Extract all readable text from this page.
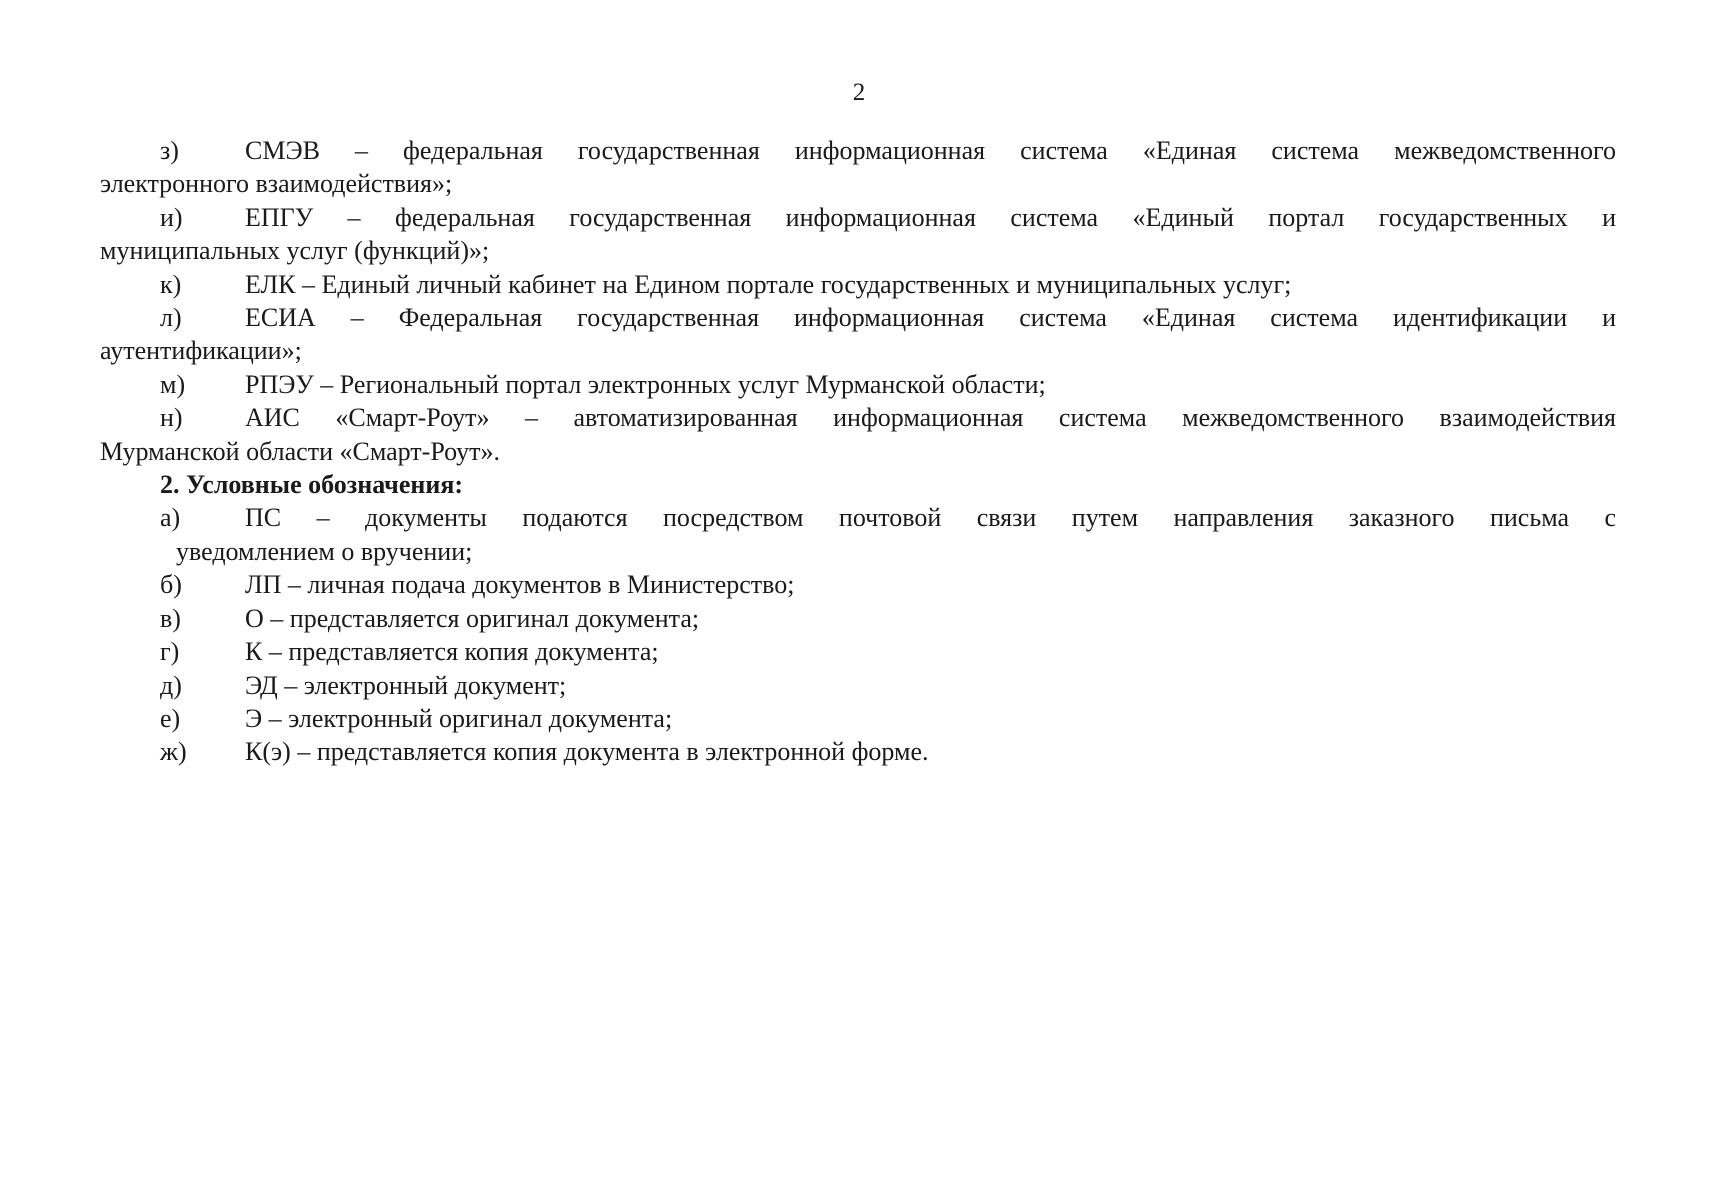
2
з)	СМЭВ – федеральная государственная информационная система «Единая система межведомственного
электронного взаимодействия»;
и) ЕПГУ – федеральная государственная информационная система «Единый портал государственных и
муниципальных услуг (функций)»;
к) ЕЛК – Единый личный кабинет на Едином портале государственных и муниципальных услуг;
л) ЕСИА – Федеральная государственная информационная система «Единая система идентификации и
аутентификации»;
м) РПЭУ – Региональный портал электронных услуг Мурманской области;
н) АИС «Смарт-Роут» – автоматизированная информационная система межведомственного взаимодействия
Мурманской области «Смарт-Роут».
2. Условные обозначения:
а) ПС – документы подаются посредством почтовой связи путем направления заказного письма с
уведомлением о вручении;
б) ЛП – личная подача документов в Министерство;
в) О – представляется оригинал документа;
г)	К – представляется копия документа;
д) ЭД – электронный документ;
е) Э – электронный оригинал документа;
ж) К(э) – представляется копия документа в электронной форме.
